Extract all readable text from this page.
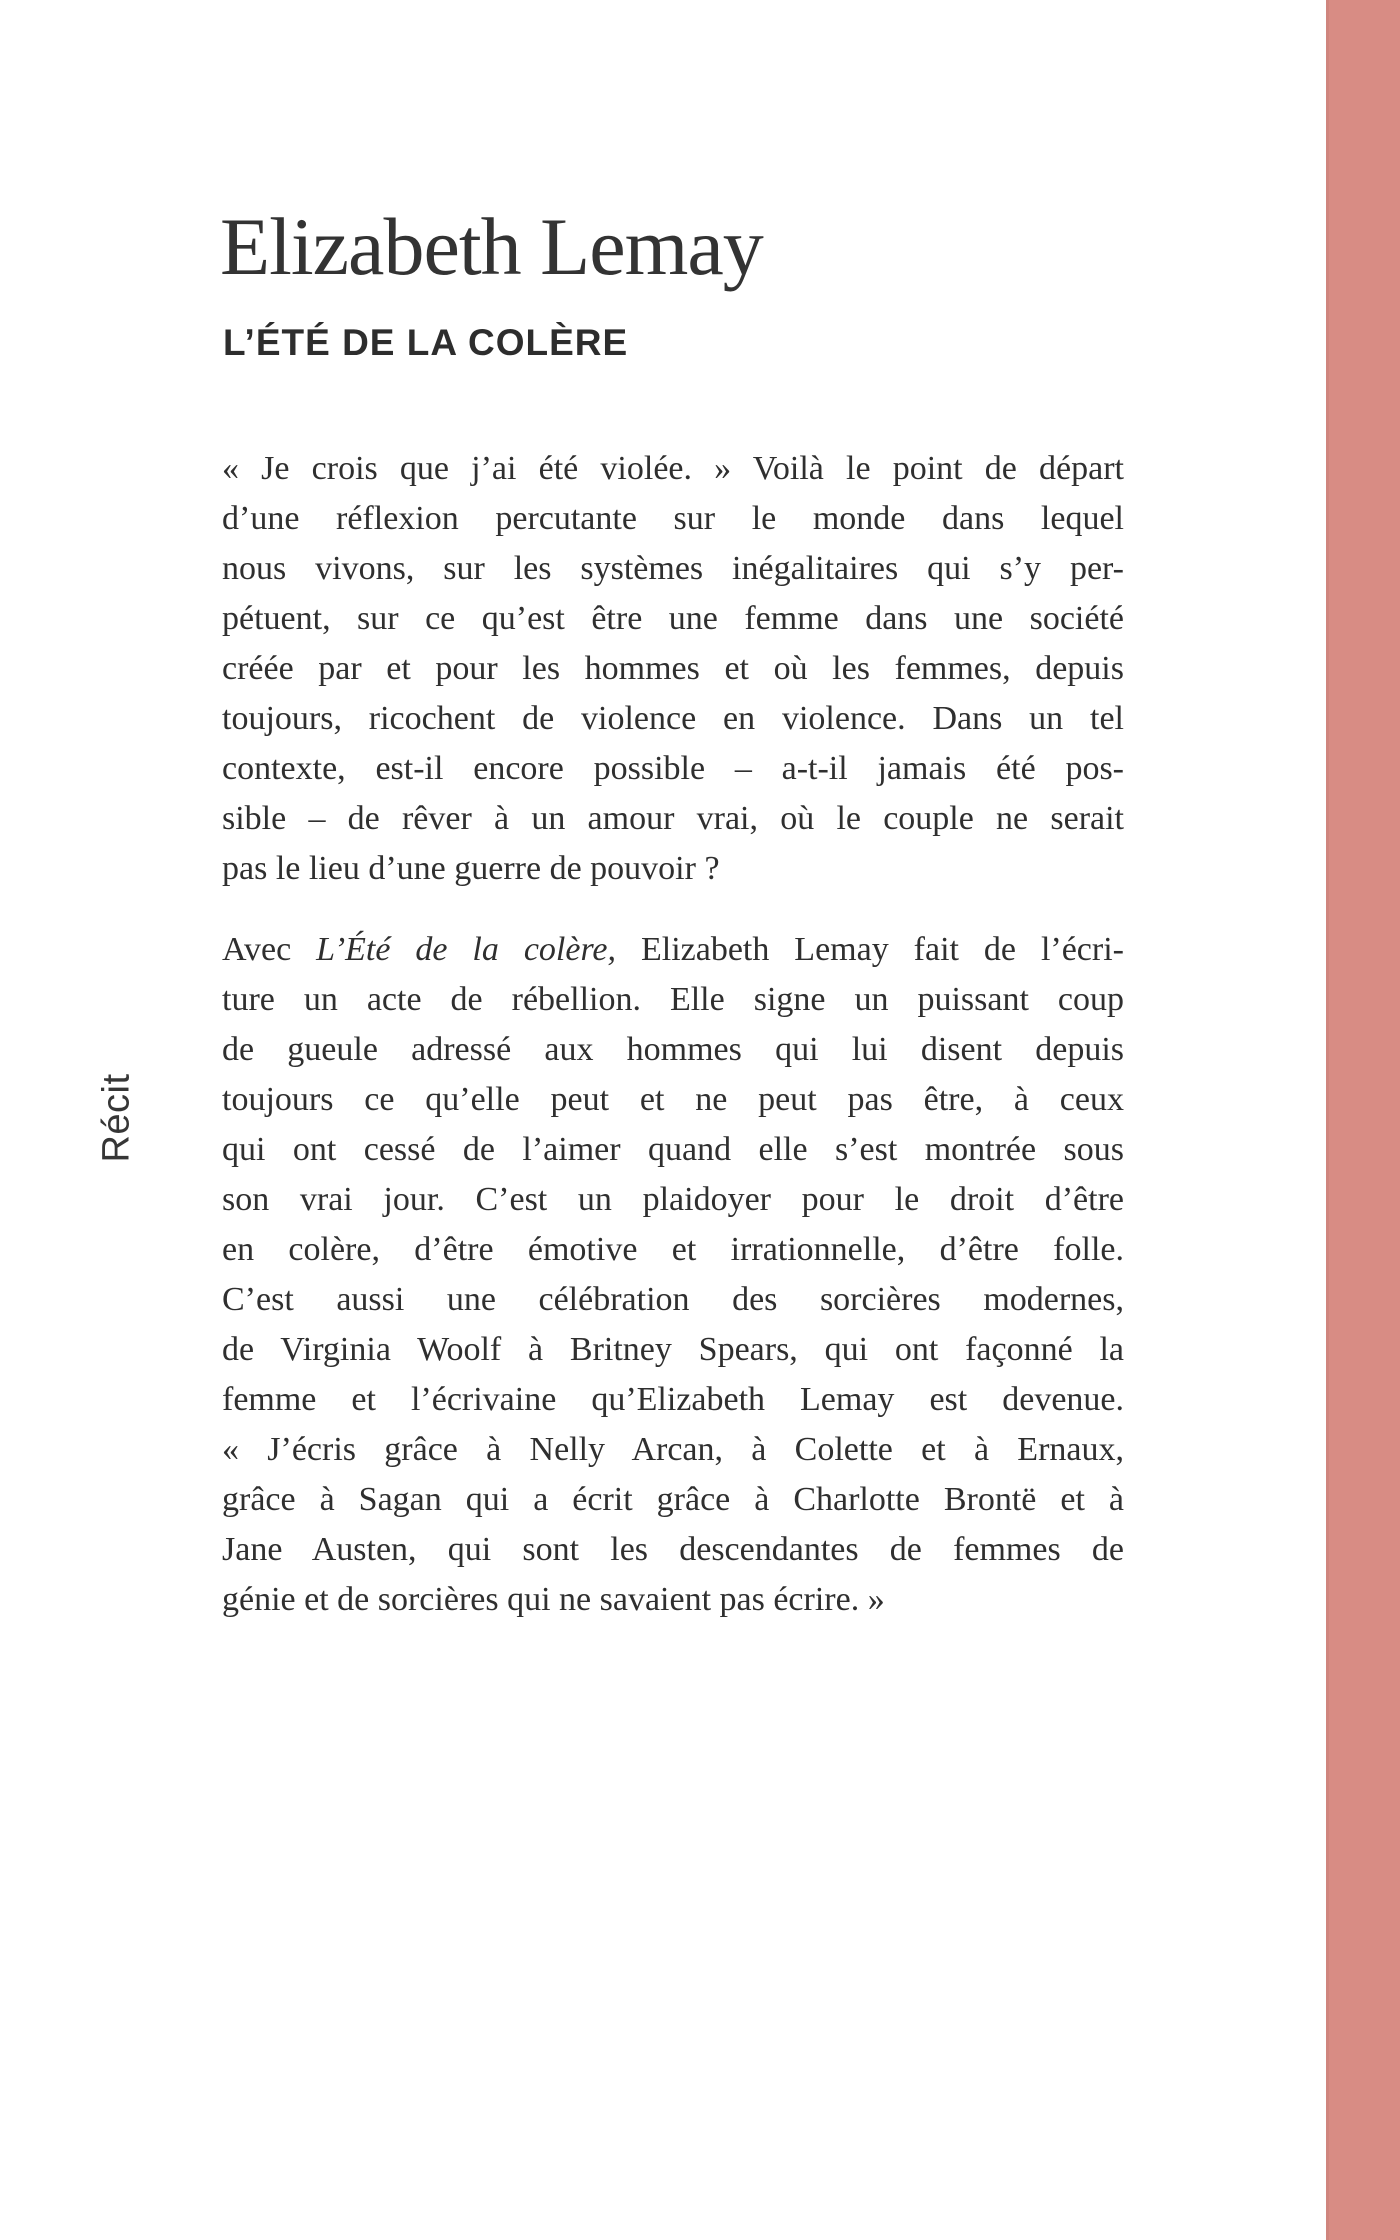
Récit
Elizabeth Lemay
L’ÉTÉ DE LA COLÈRE
« Je crois que j’ai été violée. » Voilà le point de départ
d’une réflexion percutante sur le monde dans lequel
nous vivons, sur les systèmes inégalitaires qui s’y per-
pétuent, sur ce qu’est être une femme dans une société
créée par et pour les hommes et où les femmes, depuis
toujours, ricochent de violence en violence. Dans un tel
contexte, est-il encore possible – a-t-il jamais été pos-
sible – de rêver à un amour vrai, où le couple ne serait
pas le lieu d’une guerre de pouvoir ?
Avec L’Été de la colère, Elizabeth Lemay fait de l’écri-
ture un acte de rébellion. Elle signe un puissant coup
de gueule adressé aux hommes qui lui disent depuis
toujours ce qu’elle peut et ne peut pas être, à ceux
qui ont cessé de l’aimer quand elle s’est montrée sous
son vrai jour. C’est un plaidoyer pour le droit d’être
en colère, d’être émotive et irrationnelle, d’être folle.
C’est aussi une célébration des sorcières modernes,
de Virginia Woolf à Britney Spears, qui ont façonné la
femme et l’écrivaine qu’Elizabeth Lemay est devenue.
« J’écris grâce à Nelly Arcan, à Colette et à Ernaux,
grâce à Sagan qui a écrit grâce à Charlotte Brontë et à
Jane Austen, qui sont les descendantes de femmes de
génie et de sorcières qui ne savaient pas écrire. »
